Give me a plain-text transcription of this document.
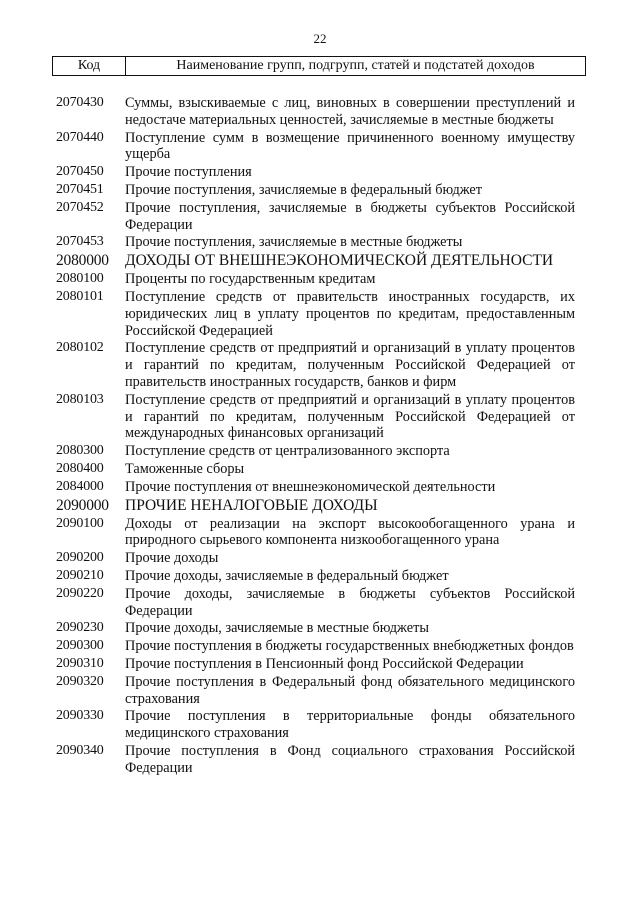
22
Код	Наименование групп, подгрупп, статей и подстатей доходов
2070430	Суммы, взыскиваемые с лиц, виновных в совершении преступлений и недостаче материальных ценностей, зачисляемые в местные бюджеты
2070440	Поступление сумм в возмещение причиненного военному имуществу ущерба
2070450	Прочие поступления
2070451	Прочие поступления, зачисляемые в федеральный бюджет
2070452	Прочие поступления, зачисляемые в бюджеты субъектов Российской Федерации
2070453	Прочие поступления, зачисляемые в местные бюджеты
2080000	ДОХОДЫ ОТ ВНЕШНЕЭКОНОМИЧЕСКОЙ ДЕЯТЕЛЬНОСТИ
2080100	Проценты по государственным кредитам
2080101	Поступление средств от правительств иностранных государств, их юридических лиц в уплату процентов по кредитам, предоставленным Российской Федерацией
2080102	Поступление средств от предприятий и организаций в уплату процентов и гарантий по кредитам, полученным Российской Федерацией от правительств иностранных государств, банков и фирм
2080103	Поступление средств от предприятий и организаций в уплату процентов и гарантий по кредитам, полученным Российской Федерацией от международных финансовых организаций
2080300	Поступление средств от централизованного экспорта
2080400	Таможенные сборы
2084000	Прочие поступления от внешнеэкономической деятельности
2090000	ПРОЧИЕ НЕНАЛОГОВЫЕ ДОХОДЫ
2090100	Доходы от реализации на экспорт высокообогащенного урана и природного сырьевого компонента низкообогащенного урана
2090200	Прочие доходы
2090210	Прочие доходы, зачисляемые в федеральный бюджет
2090220	Прочие доходы, зачисляемые в бюджеты субъектов Российской Федерации
2090230	Прочие доходы, зачисляемые в местные бюджеты
2090300	Прочие поступления в бюджеты государственных внебюджетных фондов
2090310	Прочие поступления в Пенсионный фонд Российской Федерации
2090320	Прочие поступления в Федеральный фонд обязательного медицинского страхования
2090330	Прочие поступления в территориальные фонды обязательного медицинского страхования
2090340	Прочие поступления в Фонд социального страхования Российской Федерации
